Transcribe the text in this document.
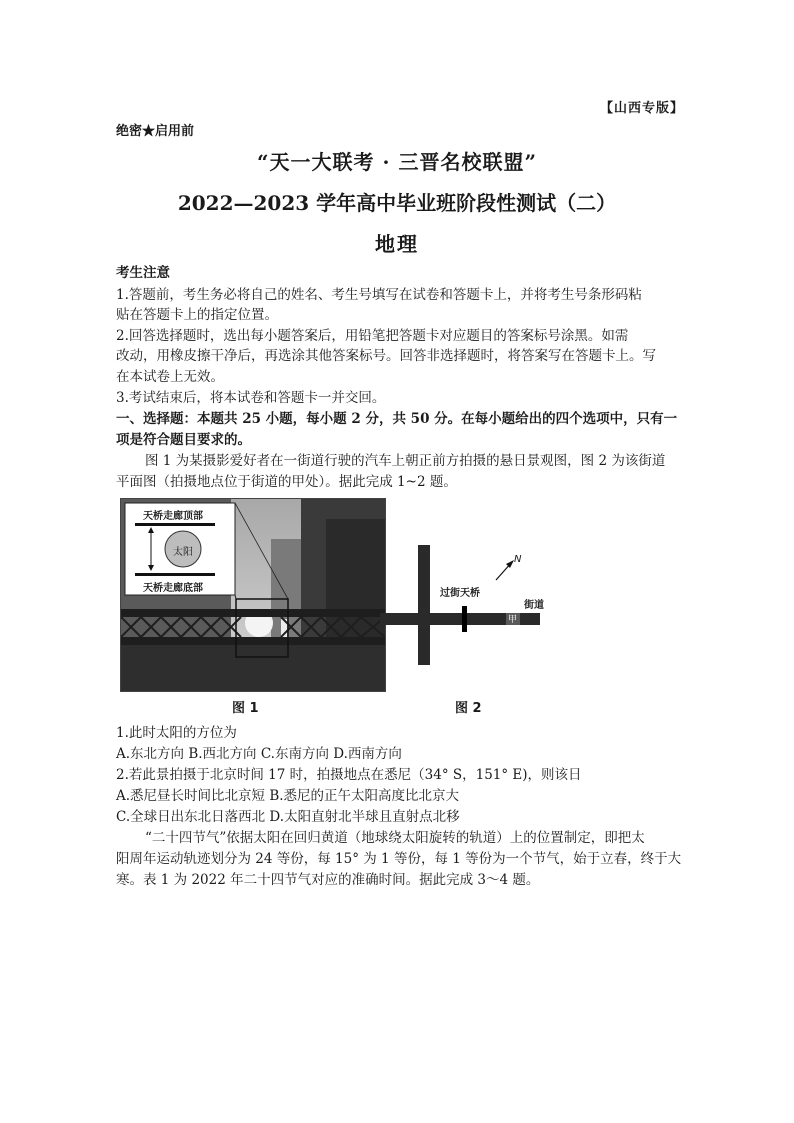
【山西专版】
绝密★启用前
“天一大联考 · 三晋名校联盟”
2022—2023 学年高中毕业班阶段性测试（二）
地理
考生注意
1.答题前，考生务必将自己的姓名、考生号填写在试卷和答题卡上，并将考生号条形码粘
贴在答题卡上的指定位置。
2.回答选择题时，选出每小题答案后，用铅笔把答题卡对应题目的答案标号涂黑。如需
改动，用橡皮擦干净后，再选涂其他答案标号。回答非选择题时，将答案写在答题卡上。写
在本试卷上无效。
3.考试结束后，将本试卷和答题卡一并交回。
一、选择题：本题共 25 小题，每小题 2 分，共 50 分。在每小题给出的四个选项中，只有一
项是符合题目要求的。
图 1 为某摄影爱好者在一街道行驶的汽车上朝正前方拍摄的悬日景观图，图 2 为该街道
平面图（拍摄地点位于街道的甲处）。据此完成 1~2 题。
天桥走廊顶部
太阳
天桥走廊底部
图 1
过街天桥
街道
甲
N
图 2
1.此时太阳的方位为
A.东北方向 B.西北方向 C.东南方向 D.西南方向
2.若此景拍摄于北京时间 17 时，拍摄地点在悉尼（34° S，151° E)，则该日
A.悉尼昼长时间比北京短 B.悉尼的正午太阳高度比北京大
C.全球日出东北日落西北 D.太阳直射北半球且直射点北移
“二十四节气”依据太阳在回归黄道（地球绕太阳旋转的轨道）上的位置制定，即把太
阳周年运动轨迹划分为 24 等份，每 15° 为 1 等份，每 1 等份为一个节气，始于立春，终于大
寒。表 1 为 2022 年二十四节气对应的准确时间。据此完成 3～4 题。
